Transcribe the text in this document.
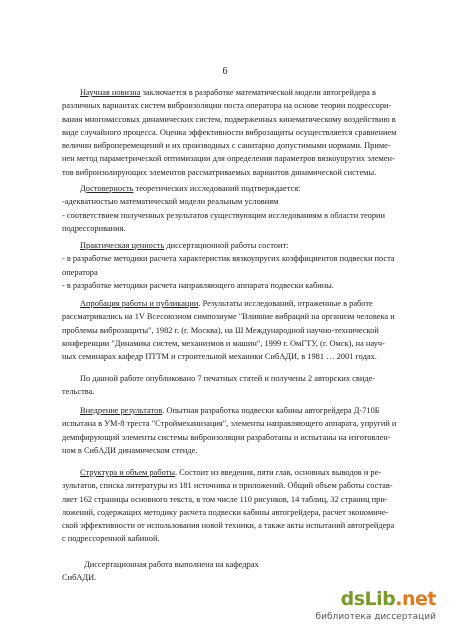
6

Научная новизна заключается в разработке математической модели автогрейдера в
различных вариантах систем виброизоляции поста оператора на основе теории подрессори-
вания многомассовых динамических систем, подверженных кинематическому воздействию в
виде случайного процесса. Оценка эффективности виброзащиты осуществляется сравнением
величин виброперемещений и их производных с санитарно допустимыми нормами. Приме-
нен метод параметрической оптимизации для определения параметров вязкоупругих элемен-
тов виброизолирующих элементов рассматриваемых вариантов динамической системы.

Достоверность теоретических исследований подтверждается:
-адекватностью математической модели реальным условиям
- соответствием полученных результатов существующим исследованиям в области теории
подрессоривания.

Практическая ценность диссертационной работы состоит:
- в разработке методики расчета характеристик вязкоупругих коэффициентов подвески поста
оператора
- в разработке методики расчета направляющего аппарата подвески кабины.

Апробация работы и публикации. Результаты исследований, отраженные в работе
рассматривались на 1V Всесоюзном симпозиуме "Влияние вибраций на организм человека и
проблемы виброзащиты", 1982 г. (г. Москва), на Ш Международной научно-технической
конференции "Динамика систем, механизмов и машин", 1999 г. ОмГТУ, (г. Омск), на науч-
ных семинарах кафедр ПТТМ и строительной механики СибАДИ, в 1981 … 2001 годах.

По данной работе опубликовано 7 печатных статей и получены 2 авторских свиде-
тельства.

Внедрение результатов. Опытная разработка подвески кабины автогрейдера Д-710Б
испытана в УМ-8 треста "Строймеханизация", элементы направляющего аппарата, упругий и
демпфирующий элементы системы виброизоляции разработаны и испытаны на изготовлен-
ном в СибАДИ динамическом стенде.

Структура и объем работы. Состоит из введения, пяти глав, основных выводов и ре-
зультатов, списка литературы из 181 источника и приложений. Общий объем работы состав-
ляет 162 страницы основного текста, в том числе 110 рисунков, 14 таблиц, 32 страниц при-
ложений, содержащих методику расчета подвески кабины автогрейдера, расчет экономиче-
ской эффективности от использования новой техники, а также акты испытаний автогрейдера
с подрессоренной кабиной.

Диссертационная работа выполнена на кафедрах
СибАДИ.

dsLib.net
библиотека диссертаций
